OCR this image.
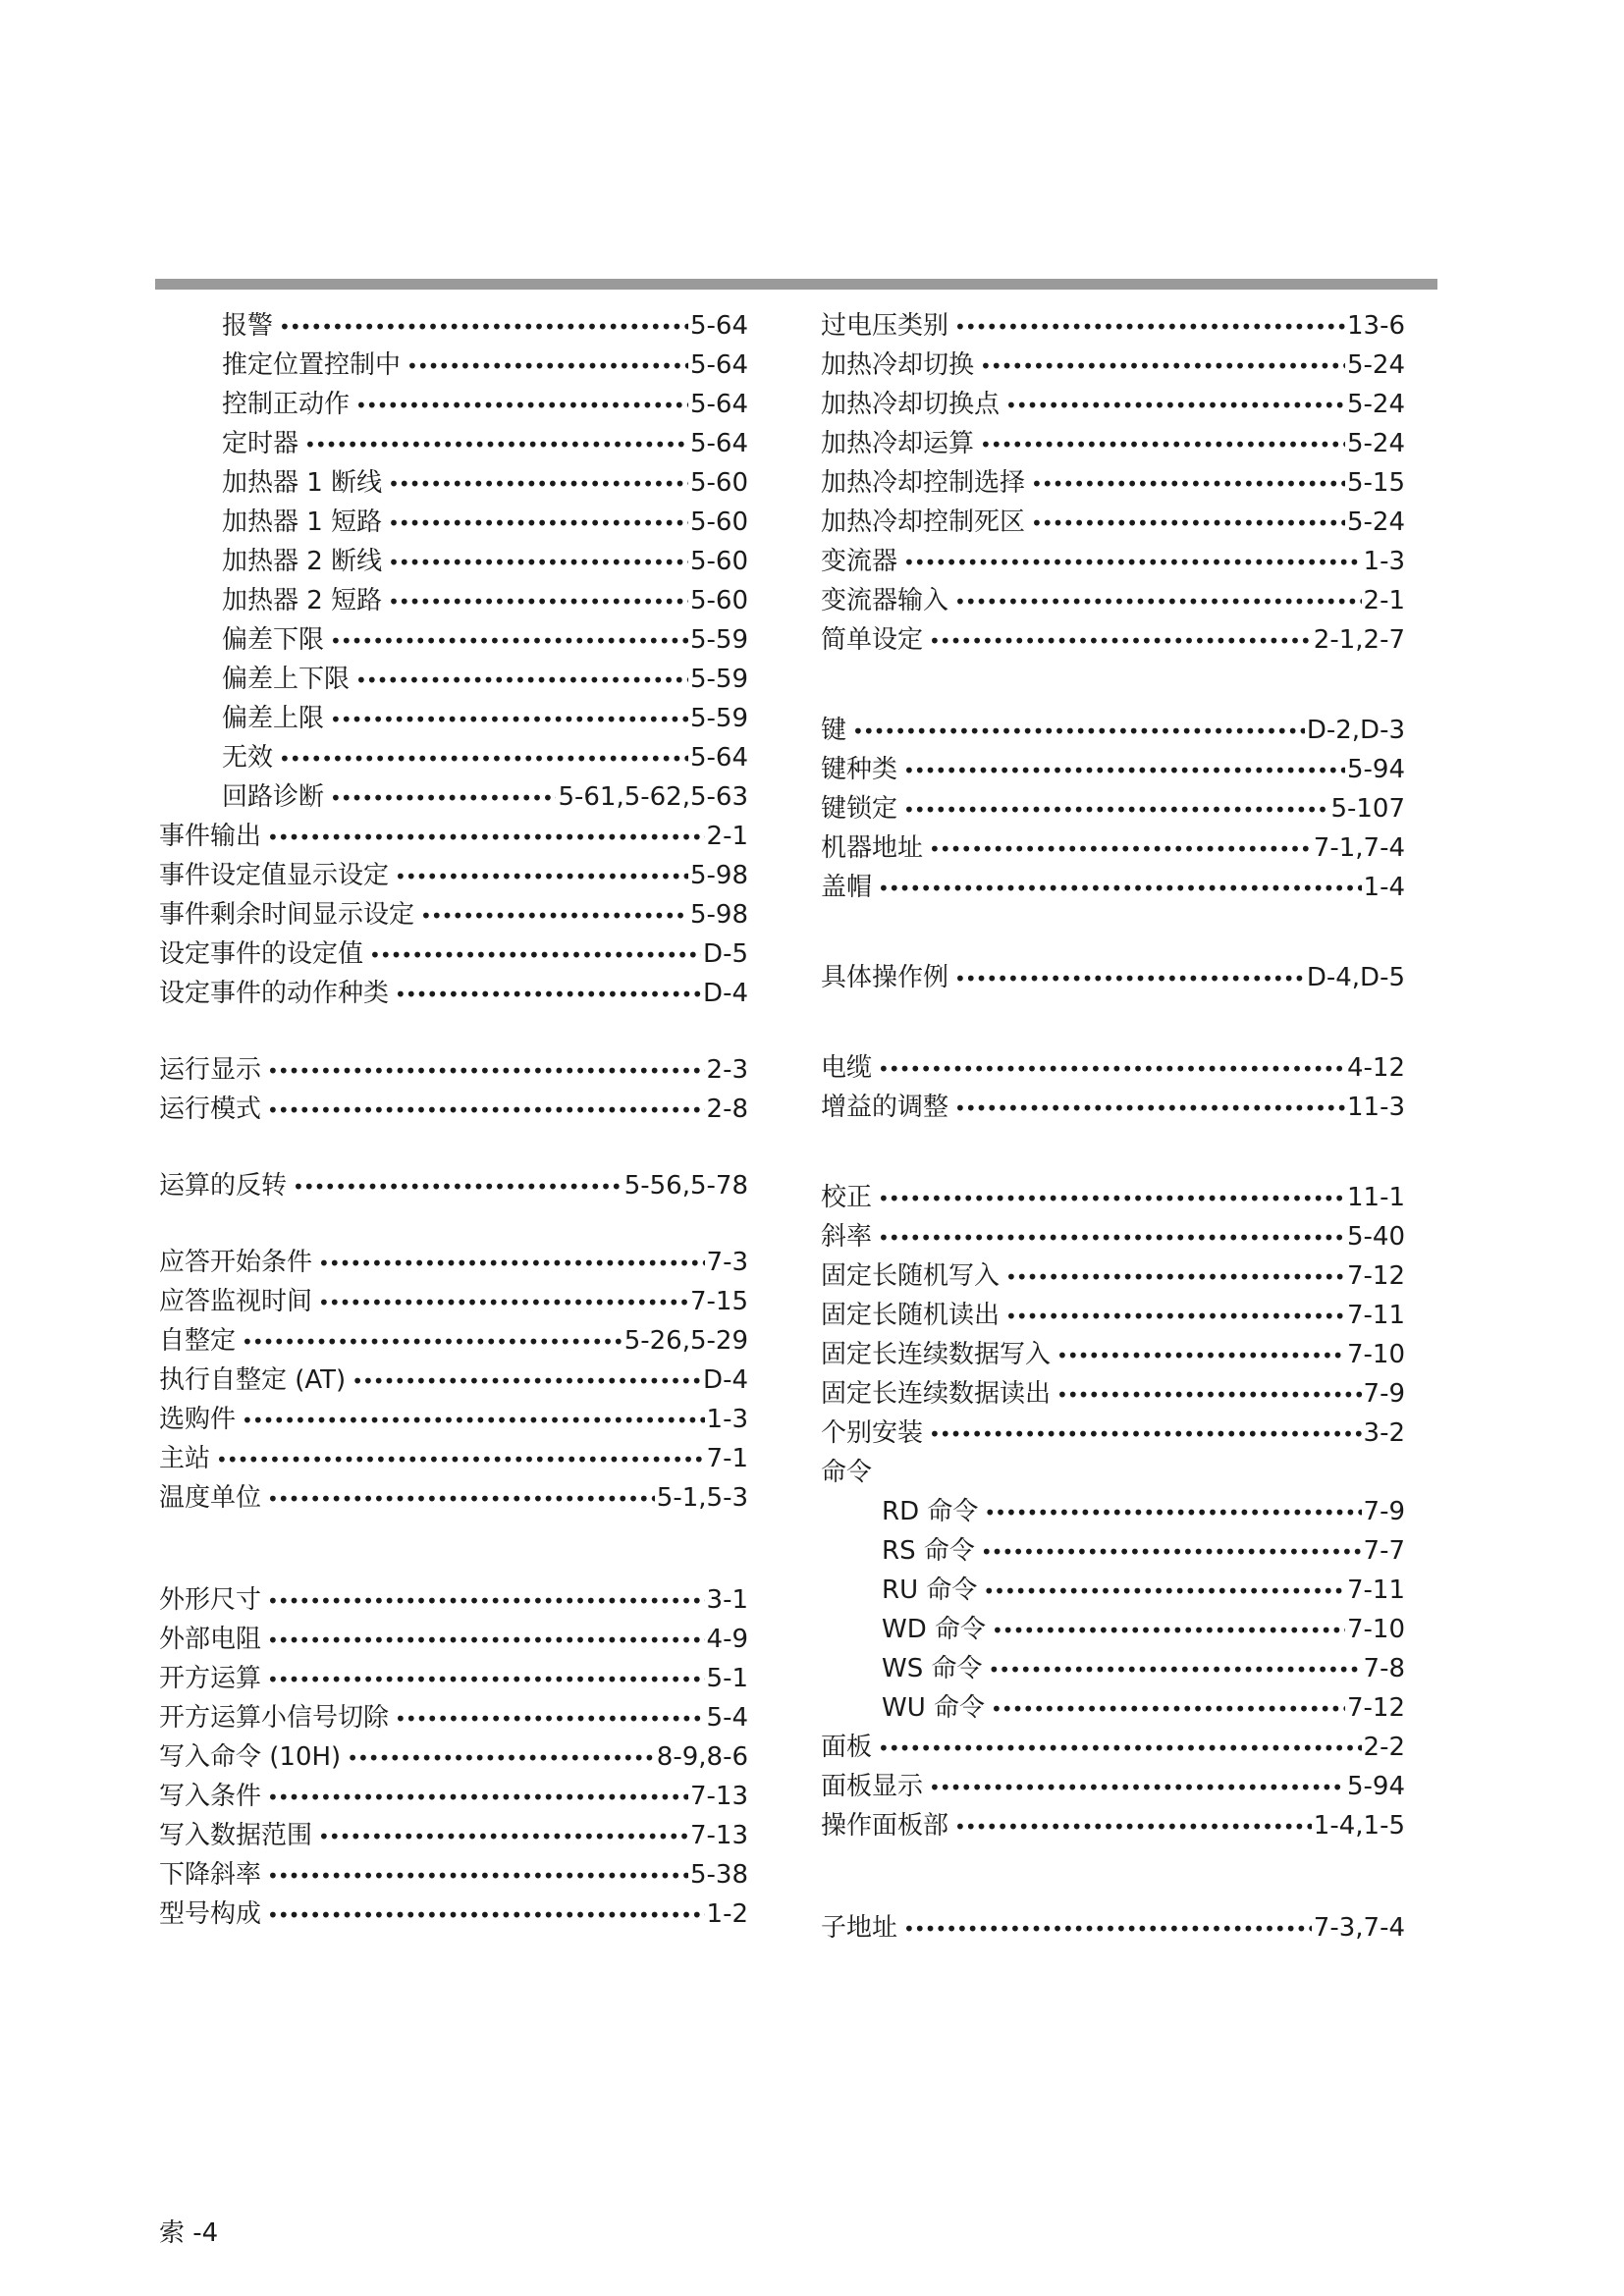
报警 •••••	5-64
推定位置控制中 •••••	5-64
控制正动作 •••••	5-64
定时器 •••••	5-64
加热器 1 断线 •••••	5-60
加热器 1 短路 •••••	5-60
加热器 2 断线 •••••	5-60
加热器 2 短路 •••••	5-60
偏差下限 •••••	5-59
偏差上下限 •••••	5-59
偏差上限 •••••	5-59
无效 •••••	5-64
回路诊断 •••••	5-61,5-62,5-63
事件输出 •••••	2-1
事件设定值显示设定 •••••	5-98
事件剩余时间显示设定 •••••	5-98
设定事件的设定值 •••••	D-5
设定事件的动作种类 •••••	D-4
运行显示 •••••	2-3
运行模式 •••••	2-8
运算的反转 •••••	5-56,5-78
应答开始条件 •••••	7-3
应答监视时间 •••••	7-15
自整定 •••••	5-26,5-29
执行自整定 (AT) •••••	D-4
选购件 •••••	1-3
主站 •••••	7-1
温度单位 •••••	5-1,5-3
外形尺寸 •••••	3-1
外部电阻 •••••	4-9
开方运算 •••••	5-1
开方运算小信号切除 •••••	5-4
写入命令 (10H) •••••	8-9,8-6
写入条件 •••••	7-13
写入数据范围 •••••	7-13
下降斜率 •••••	5-38
型号构成 •••••	1-2
过电压类别 •••••	13-6
加热冷却切换 •••••	5-24
加热冷却切换点 •••••	5-24
加热冷却运算 •••••	5-24
加热冷却控制选择 •••••	5-15
加热冷却控制死区 •••••	5-24
变流器 •••••	1-3
变流器输入 •••••	2-1
简单设定 •••••	2-1,2-7
键 •••••	D-2,D-3
键种类 •••••	5-94
键锁定 •••••	5-107
机器地址 •••••	7-1,7-4
盖帽 •••••	1-4
具体操作例 •••••	D-4,D-5
电缆 •••••	4-12
增益的调整 •••••	11-3
校正 •••••	11-1
斜率 •••••	5-40
固定长随机写入 •••••	7-12
固定长随机读出 •••••	7-11
固定长连续数据写入 •••••	7-10
固定长连续数据读出 •••••	7-9
个别安装 •••••	3-2
命令
RD 命令 •••••	7-9
RS 命令 •••••	7-7
RU 命令 •••••	7-11
WD 命令 •••••	7-10
WS 命令 •••••	7-8
WU 命令 •••••	7-12
面板 •••••	2-2
面板显示 •••••	5-94
操作面板部 •••••	1-4,1-5
子地址 •••••	7-3,7-4
索 -4
